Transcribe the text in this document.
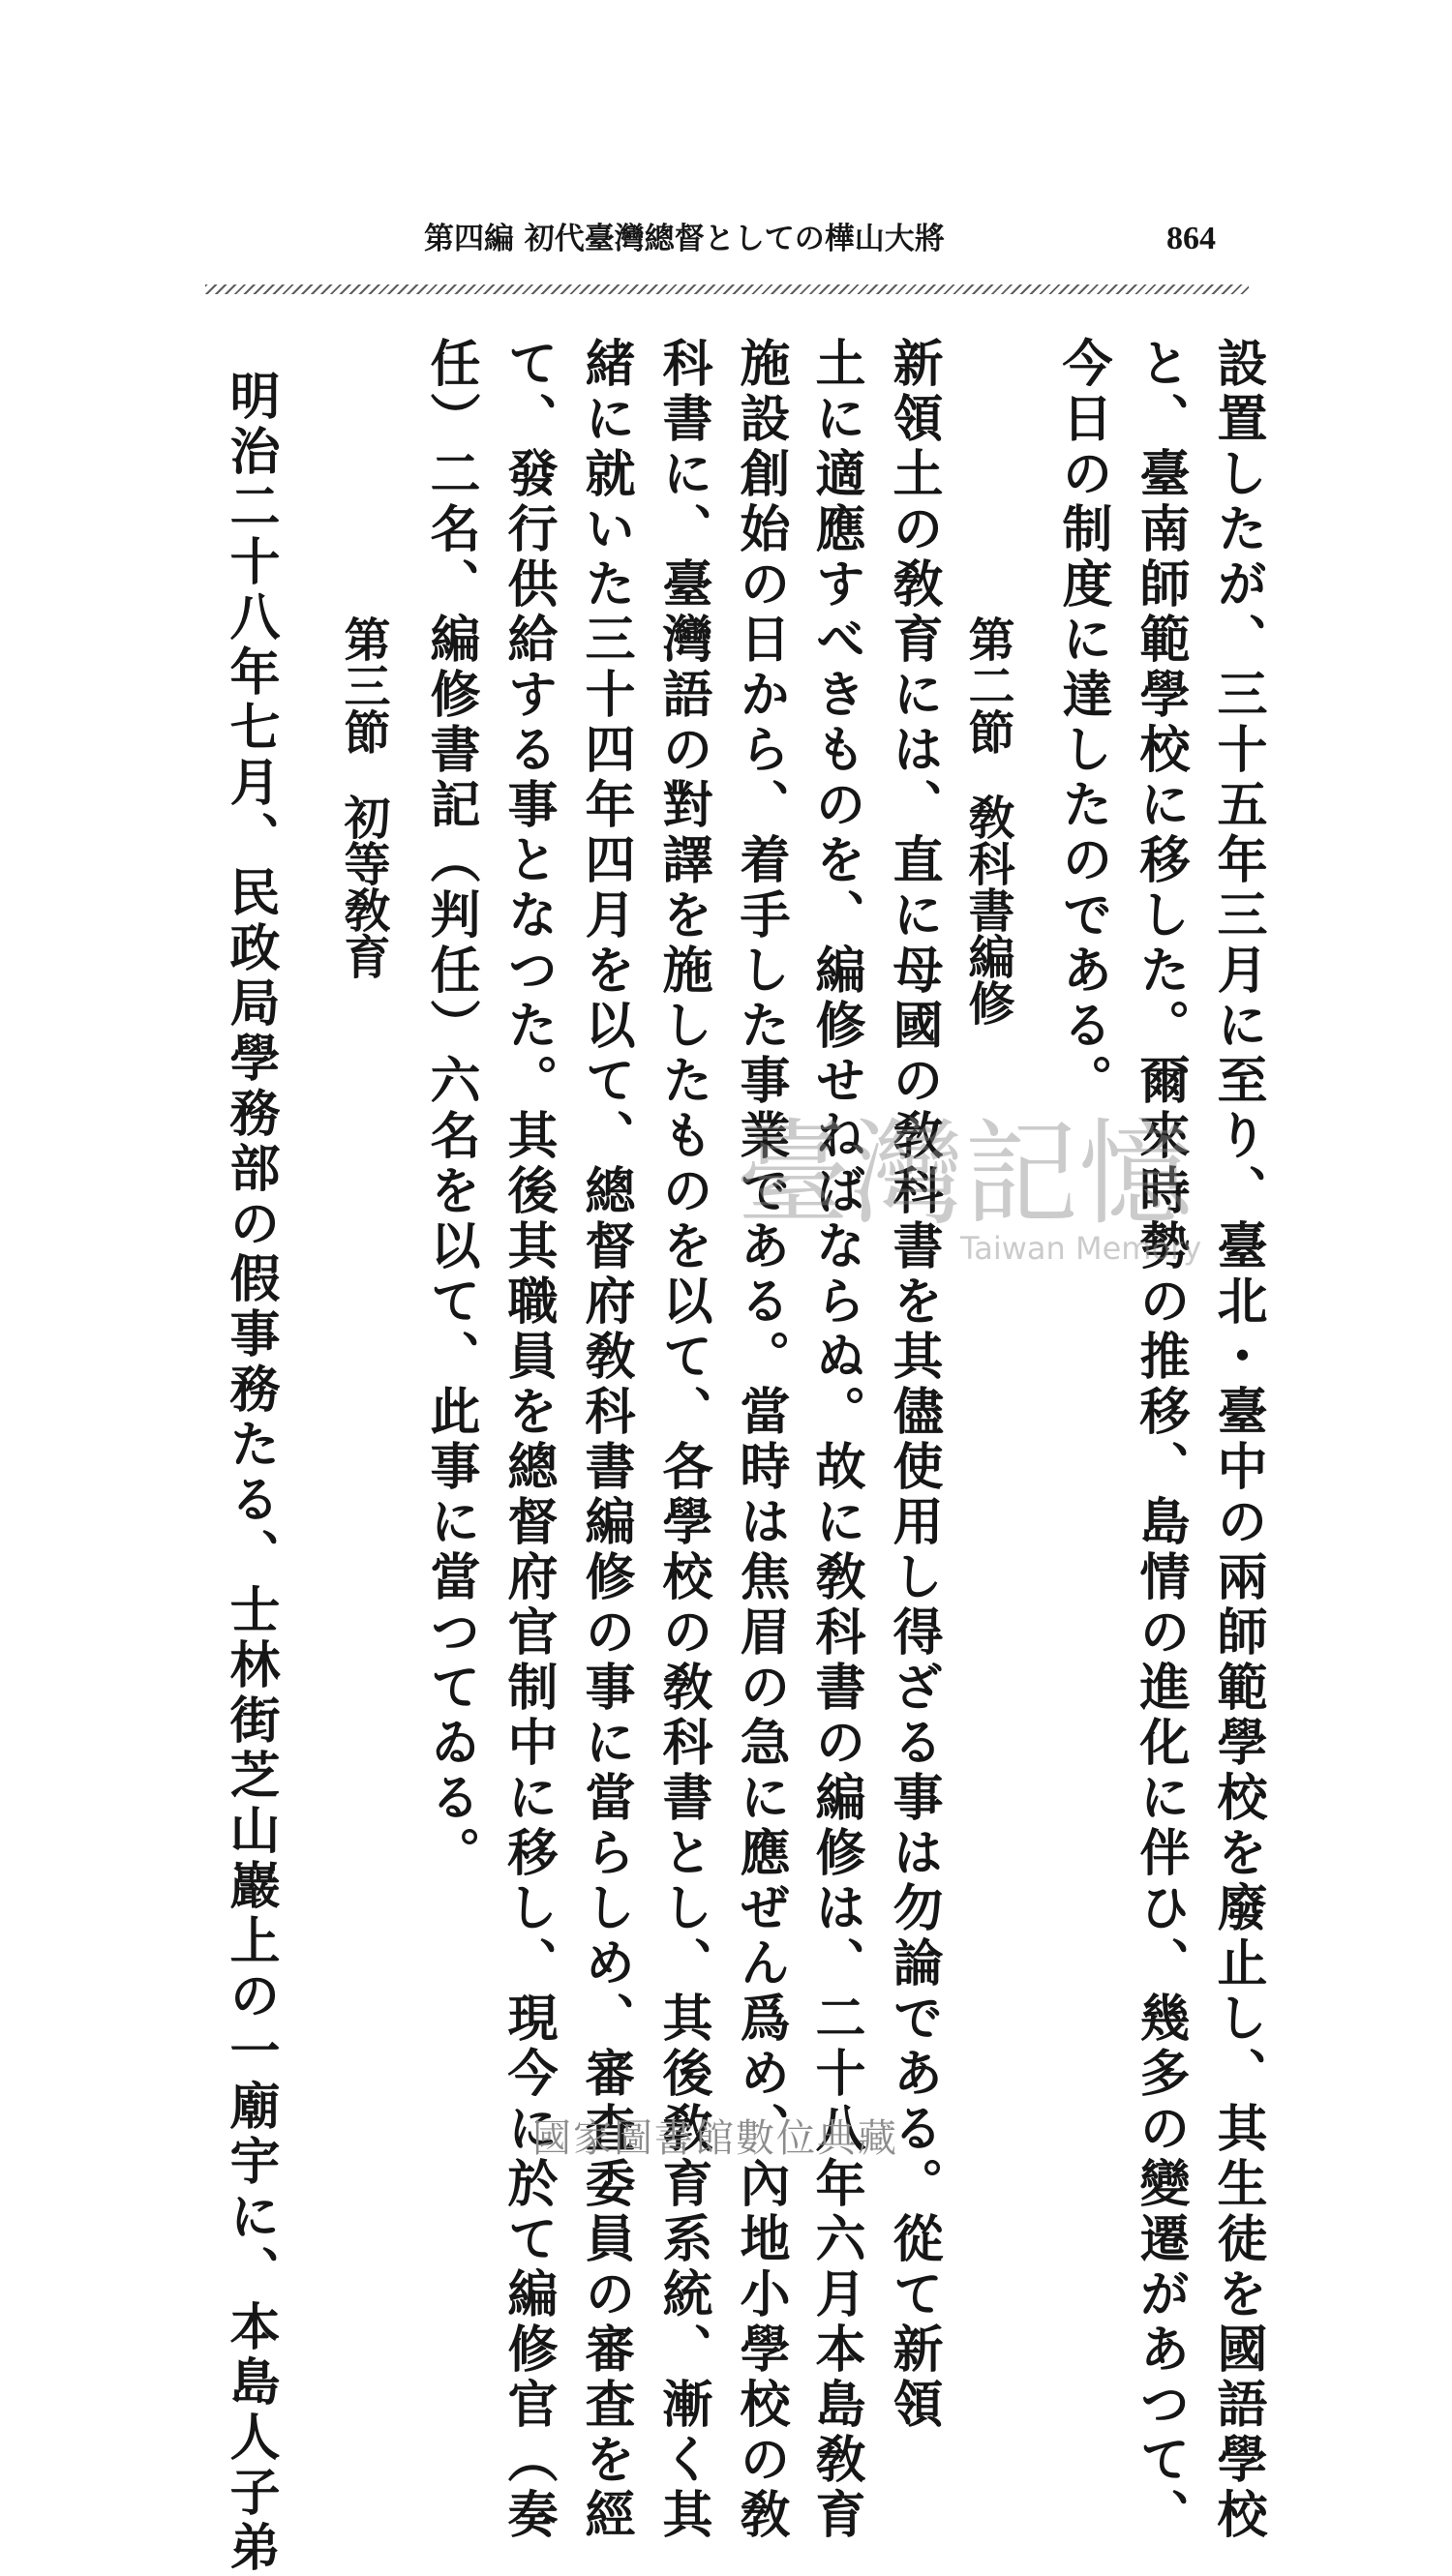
第四編 初代臺灣總督としての樺山大將	864
設置したが、三十五年三月に至り、臺北・臺中の兩師範學校を廢止し、其生徒を國語學校
と、臺南師範學校に移した。爾來時勢の推移、島情の進化に伴ひ、幾多の變遷があつて、
今日の制度に達したのである。
第二節敎科書編修
新領土の敎育には、直に母國の敎科書を其儘使用し得ざる事は勿論である。從て新領
土に適應すべきものを、編修せねばならぬ。故に敎科書の編修は、二十八年六月本島敎育
施設創始の日から、着手した事業である。當時は焦眉の急に應ぜん爲め、內地小學校の敎
科書に、臺灣語の對譯を施したものを以て、各學校の敎科書とし、其後敎育系統、漸く其
緒に就いた三十四年四月を以て、總督府敎科書編修の事に當らしめ、審査委員の審査を經
て、發行供給する事となつた。其後其職員を總督府官制中に移し、現今に於て編修官（奏
任）二名、編修書記（判任）六名を以て、此事に當つてゐる。
第三節初等敎育
明治二十八年七月、民政局學務部の假事務たる、士林街芝山巖上の一廟宇に、本島人子弟	臺灣記憶
Taiwan Memory
國家圖書館數位典藏
